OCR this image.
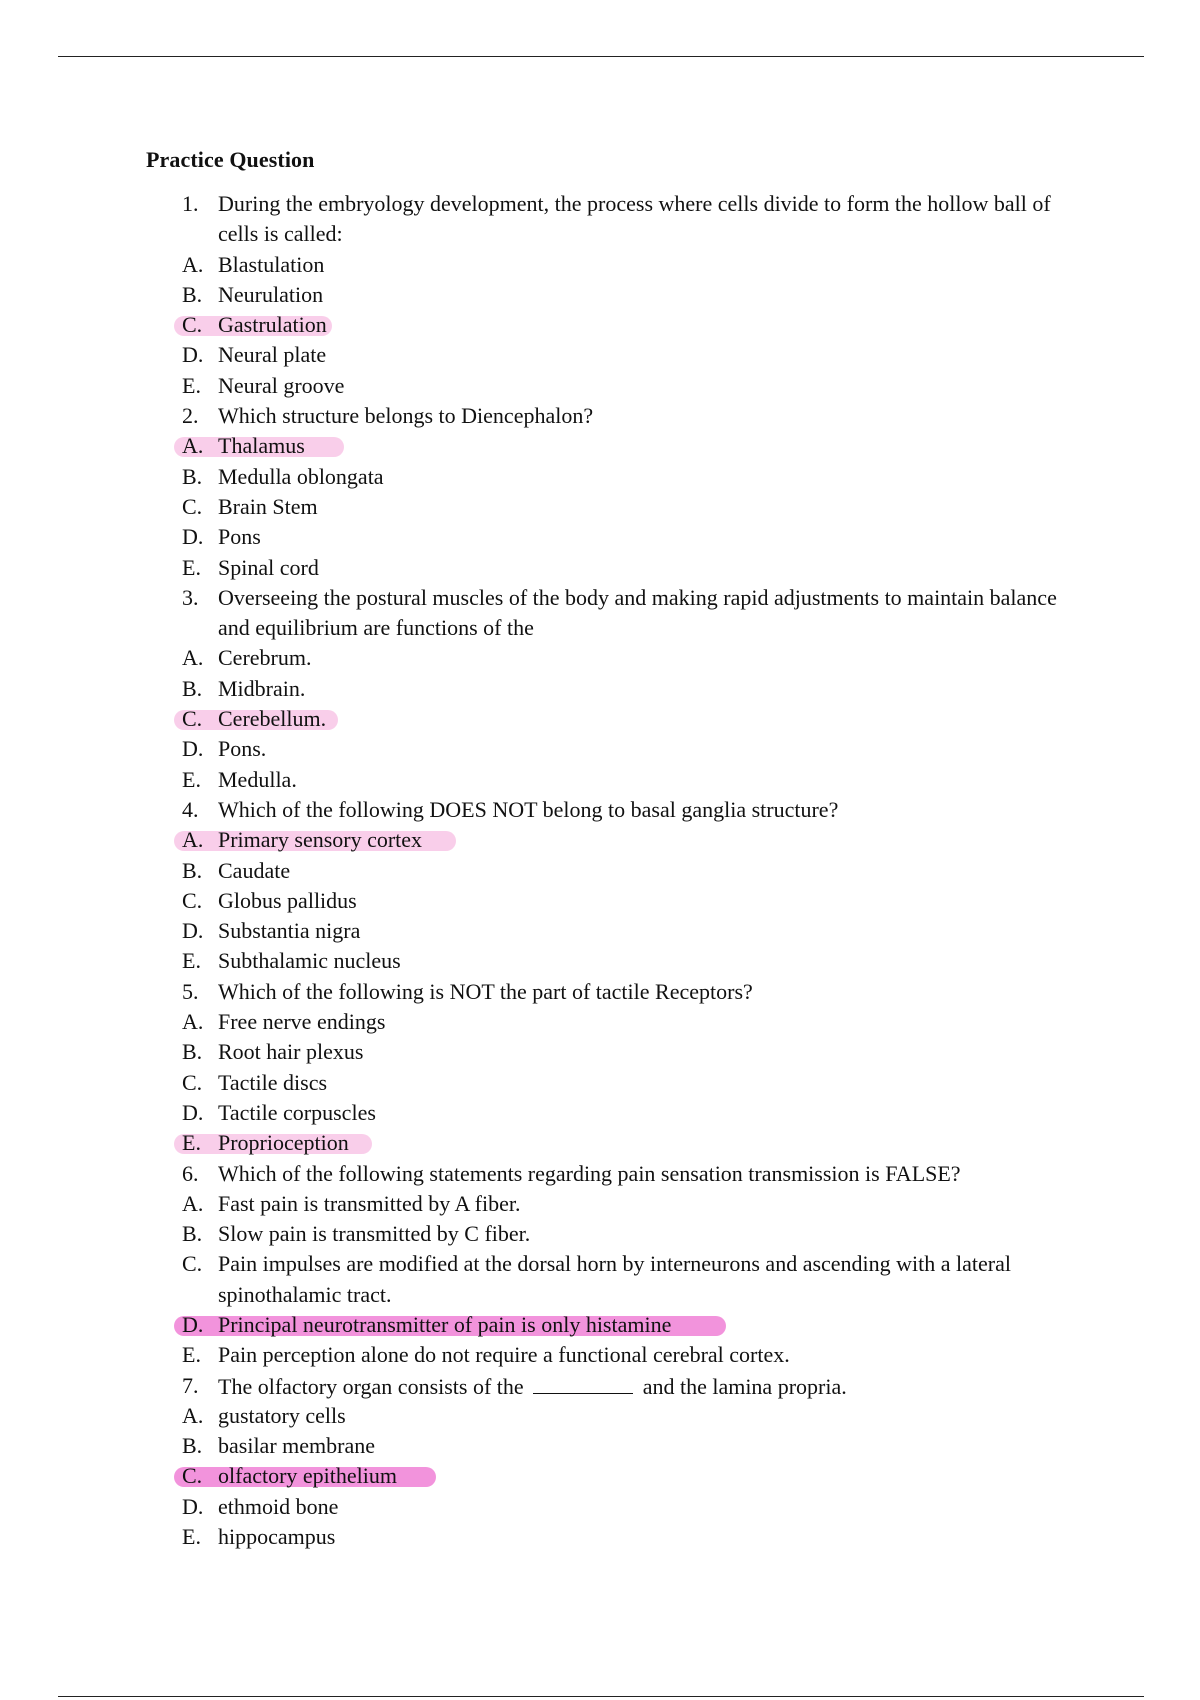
Practice Question
1. During the embryology development, the process where cells divide to form the hollow ball of cells is called:
A. Blastulation
B. Neurulation
C. Gastrulation
D. Neural plate
E. Neural groove
2. Which structure belongs to Diencephalon?
A. Thalamus
B. Medulla oblongata
C. Brain Stem
D. Pons
E. Spinal cord
3. Overseeing the postural muscles of the body and making rapid adjustments to maintain balance and equilibrium are functions of the
A. Cerebrum.
B. Midbrain.
C. Cerebellum.
D. Pons.
E. Medulla.
4. Which of the following DOES NOT belong to basal ganglia structure?
A. Primary sensory cortex
B. Caudate
C. Globus pallidus
D. Substantia nigra
E. Subthalamic nucleus
5. Which of the following is NOT the part of tactile Receptors?
A. Free nerve endings
B. Root hair plexus
C. Tactile discs
D. Tactile corpuscles
E. Proprioception
6. Which of the following statements regarding pain sensation transmission is FALSE?
A. Fast pain is transmitted by A fiber.
B. Slow pain is transmitted by C fiber.
C. Pain impulses are modified at the dorsal horn by interneurons and ascending with a lateral spinothalamic tract.
D. Principal neurotransmitter of pain is only histamine
E. Pain perception alone do not require a functional cerebral cortex.
7. The olfactory organ consists of the	and the lamina propria.
A. gustatory cells
B. basilar membrane
C. olfactory epithelium
D. ethmoid bone
E. hippocampus
